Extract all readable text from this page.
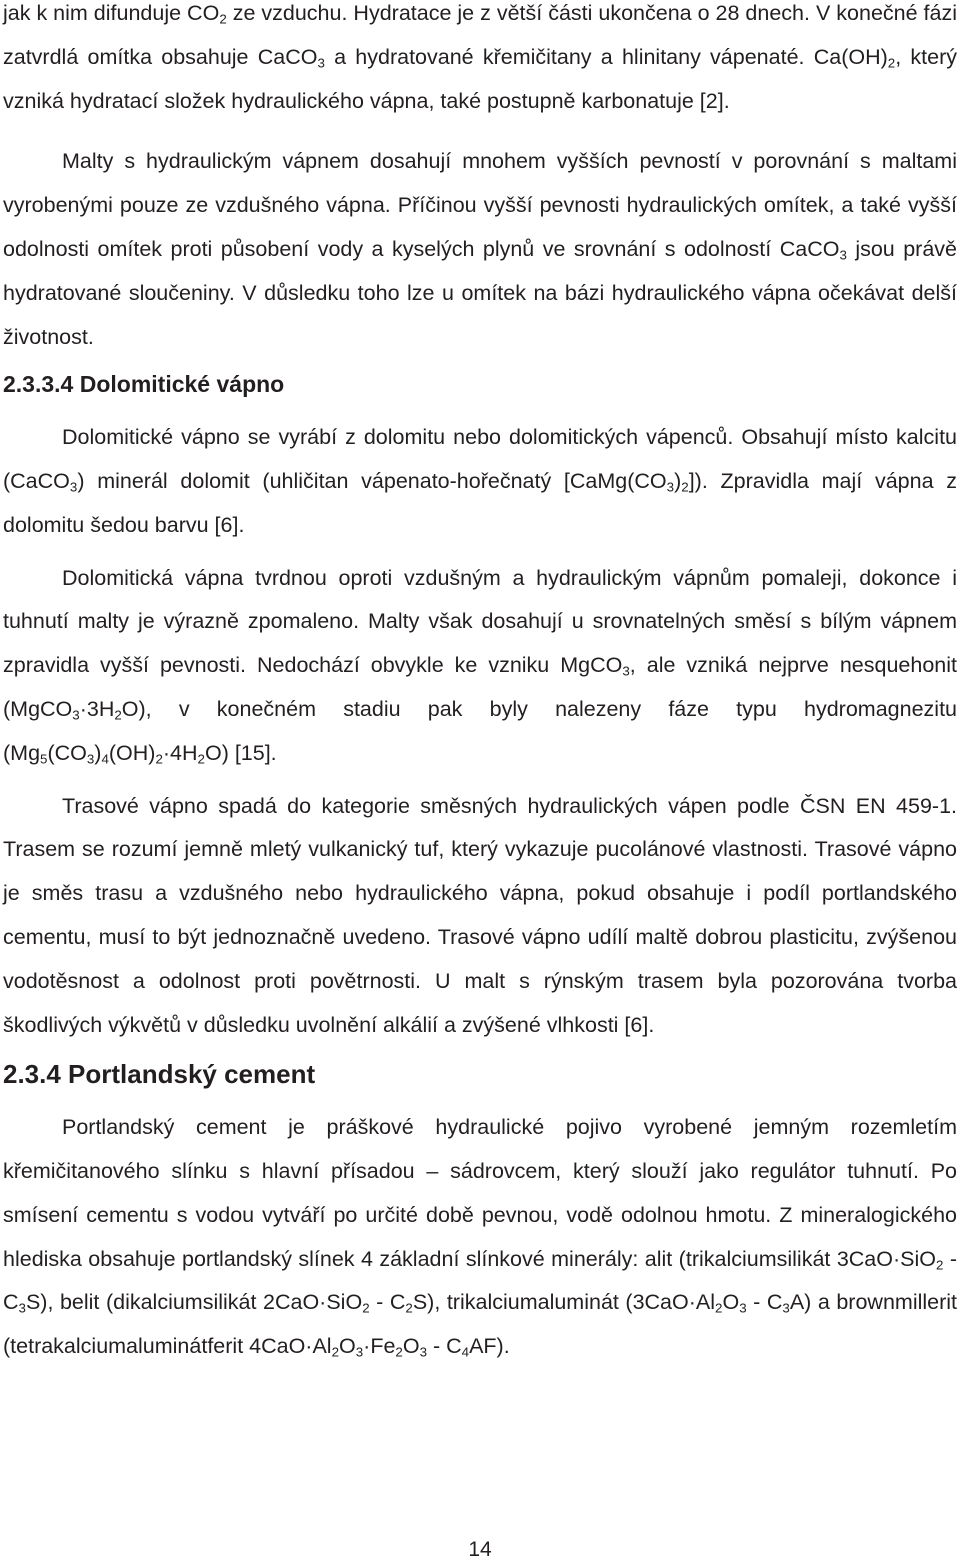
jak k nim difunduje $CO_2$ ze vzduchu. Hydratace je z větší části ukončena o 28 dnech. V konečné fázi zatvrdlá omítka obsahuje CaCO$_3$ a hydratované křemičitany a hlinitany vápenaté. $Ca(OH)_2$, který vzniká hydratací složek hydraulického vápna, také postupně karbonatuje [2].

Malty s hydraulickým vápnem dosahují mnohem vyšších pevností v porovnání s maltami vyrobenými pouze ze vzdušného vápna. Příčinou vyšší pevnosti hydraulických omítek, a také vyšší odolnosti omítek proti působení vody a kyselých plynů ve srovnání s odolností CaCO$_3$ jsou právě hydratované sloučeniny. V důsledku toho lze u omítek na bázi hydraulického vápna očekávat delší životnost.

2.3.3.4 Dolomitické vápno

Dolomitické vápno se vyrábí z dolomitu nebo dolomitických vápenců. Obsahují místo kalcitu (CaCO$_3$) minerál dolomit (uhličitan vápenato-hořečnatý $[CaMg(CO_3)_2]$). Zpravidla mají vápna z dolomitu šedou barvu [6].

Dolomitická vápna tvrdnou oproti vzdušným a hydraulickým vápnům pomaleji, dokonce i tuhnutí malty je výrazně zpomaleno. Malty však dosahují u srovnatelných směsí s bílým vápnem zpravidla vyšší pevnosti. Nedochází obvykle ke vzniku MgCO$_3$, ale vzniká nejprve nesquehonit $(MgCO_3\cdot 3H_2O)$, v konečném stadiu pak byly nalezeny fáze typu hydromagnezitu $(Mg_5(CO_3)_4(OH)_2\cdot 4H_2O)$ [15].

Trasové vápno spadá do kategorie směsných hydraulických vápen podle ČSN EN 459-1. Trasem se rozumí jemně mletý vulkanický tuf, který vykazuje pucolánové vlastnosti. Trasové vápno je směs trasu a vzdušného nebo hydraulického vápna, pokud obsahuje i podíl portlandského cementu, musí to být jednoznačně uvedeno. Trasové vápno udílí maltě dobrou plasticitu, zvýšenou vodotěsnost a odolnost proti povětrnosti. U malt s rýnským trasem byla pozorována tvorba škodlivých výkvětů v důsledku uvolnění alkálií a zvýšené vlhkosti [6].

2.3.4 Portlandský cement

Portlandský cement je práškové hydraulické pojivo vyrobené jemným rozemletím křemičitanového slínku s hlavní přísadou – sádrovcem, který slouží jako regulátor tuhnutí. Po smísení cementu s vodou vytváří po určité době pevnou, vodě odolnou hmotu. Z mineralogického hlediska obsahuje portlandský slínek 4 základní slínkové minerály: alit (trikalciumsilikát $3CaO\cdot SiO_2 - C_3S$), belit (dikalciumsilikát $2CaO\cdot SiO_2 - C_2S$), trikalciumaluminát $(3CaO\cdot Al_2O_3 - C_3A)$ a brownmillerit (tetrakalciumaluminátferit $4CaO\cdot Al_2O_3\cdot Fe_2O_3 - C_4AF$).

14
